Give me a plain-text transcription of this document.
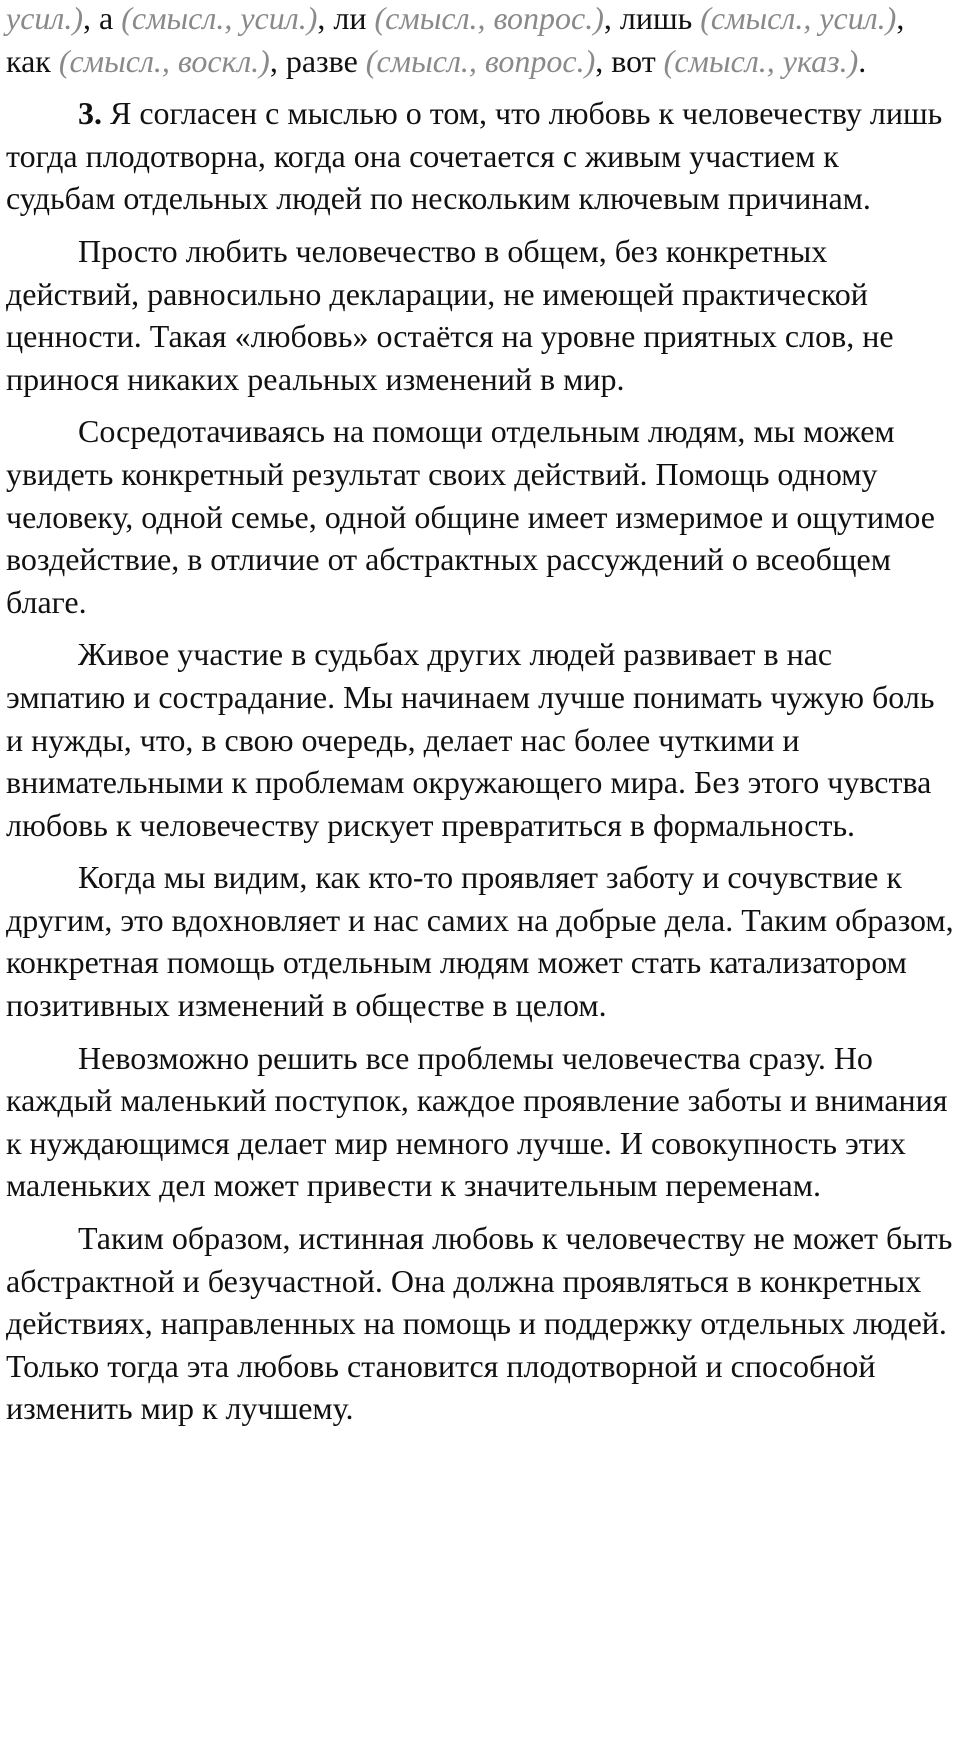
усил.), а (смысл., усил.), ли (смысл., вопрос.), лишь (смысл., усил.), как (смысл., воскл.), разве (смысл., вопрос.), вот (смысл., указ.).

3. Я согласен с мыслью о том, что любовь к человечеству лишь тогда плодотворна, когда она сочетается с живым участием к судьбам отдельных людей по нескольким ключевым причинам.

Просто любить человечество в общем, без конкретных действий, равносильно декларации, не имеющей практической ценности. Такая «любовь» остаётся на уровне приятных слов, не принося никаких реальных изменений в мир.

Сосредотачиваясь на помощи отдельным людям, мы можем увидеть конкретный результат своих действий. Помощь одному человеку, одной семье, одной общине имеет измеримое и ощутимое воздействие, в отличие от абстрактных рассуждений о всеобщем благе.

Живое участие в судьбах других людей развивает в нас эмпатию и сострадание. Мы начинаем лучше понимать чужую боль и нужды, что, в свою очередь, делает нас более чуткими и внимательными к проблемам окружающего мира. Без этого чувства любовь к человечеству рискует превратиться в формальность.

Когда мы видим, как кто-то проявляет заботу и сочувствие к другим, это вдохновляет и нас самих на добрые дела. Таким образом, конкретная помощь отдельным людям может стать катализатором позитивных изменений в обществе в целом.

Невозможно решить все проблемы человечества сразу. Но каждый маленький поступок, каждое проявление заботы и внимания к нуждающимся делает мир немного лучше. И совокупность этих маленьких дел может привести к значительным переменам.

Таким образом, истинная любовь к человечеству не может быть абстрактной и безучастной. Она должна проявляться в конкретных действиях, направленных на помощь и поддержку отдельных людей. Только тогда эта любовь становится плодотворной и способной изменить мир к лучшему.
